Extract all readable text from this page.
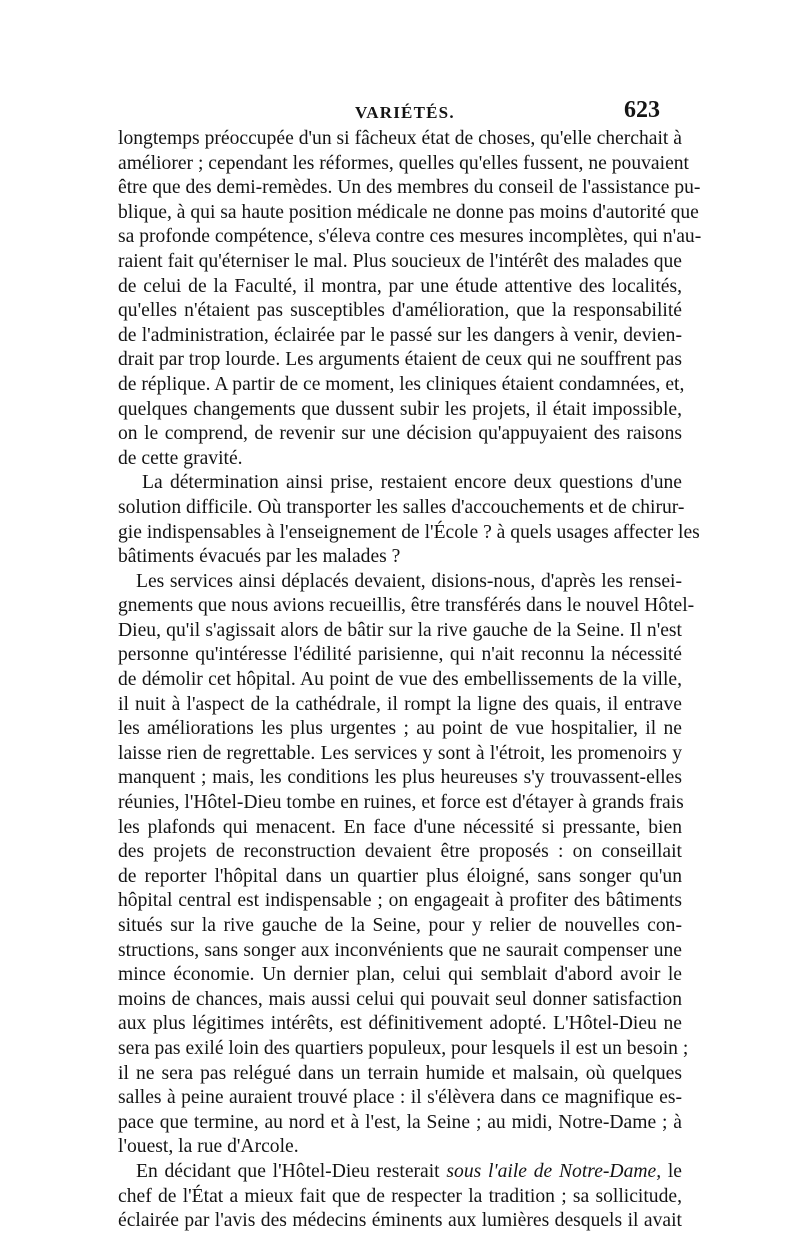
VARIÉTÉS.	623
longtemps préoccupée d'un si fâcheux état de choses, qu'elle cherchait à
améliorer ; cependant les réformes, quelles qu'elles fussent, ne pouvaient
être que des demi-remèdes. Un des membres du conseil de l'assistance pu-
blique, à qui sa haute position médicale ne donne pas moins d'autorité que
sa profonde compétence, s'éleva contre ces mesures incomplètes, qui n'au-
raient fait qu'éterniser le mal. Plus soucieux de l'intérêt des malades que
de celui de la Faculté, il montra, par une étude attentive des localités,
qu'elles n'étaient pas susceptibles d'amélioration, que la responsabilité
de l'administration, éclairée par le passé sur les dangers à venir, devien-
drait par trop lourde. Les arguments étaient de ceux qui ne souffrent pas
de réplique. A partir de ce moment, les cliniques étaient condamnées, et,
quelques changements que dussent subir les projets, il était impossible,
on le comprend, de revenir sur une décision qu'appuyaient des raisons
de cette gravité.
La détermination ainsi prise, restaient encore deux questions d'une
solution difficile. Où transporter les salles d'accouchements et de chirur-
gie indispensables à l'enseignement de l'École ? à quels usages affecter les
bâtiments évacués par les malades ?
Les services ainsi déplacés devaient, disions-nous, d'après les rensei-
gnements que nous avions recueillis, être transférés dans le nouvel Hôtel-
Dieu, qu'il s'agissait alors de bâtir sur la rive gauche de la Seine. Il n'est
personne qu'intéresse l'édilité parisienne, qui n'ait reconnu la nécessité
de démolir cet hôpital. Au point de vue des embellissements de la ville,
il nuit à l'aspect de la cathédrale, il rompt la ligne des quais, il entrave
les améliorations les plus urgentes ; au point de vue hospitalier, il ne
laisse rien de regrettable. Les services y sont à l'étroit, les promenoirs y
manquent ; mais, les conditions les plus heureuses s'y trouvassent-elles
réunies, l'Hôtel-Dieu tombe en ruines, et force est d'étayer à grands frais
les plafonds qui menacent. En face d'une nécessité si pressante, bien
des projets de reconstruction devaient être proposés : on conseillait
de reporter l'hôpital dans un quartier plus éloigné, sans songer qu'un
hôpital central est indispensable ; on engageait à profiter des bâtiments
situés sur la rive gauche de la Seine, pour y relier de nouvelles con-
structions, sans songer aux inconvénients que ne saurait compenser une
mince économie. Un dernier plan, celui qui semblait d'abord avoir le
moins de chances, mais aussi celui qui pouvait seul donner satisfaction
aux plus légitimes intérêts, est définitivement adopté. L'Hôtel-Dieu ne
sera pas exilé loin des quartiers populeux, pour lesquels il est un besoin ;
il ne sera pas relégué dans un terrain humide et malsain, où quelques
salles à peine auraient trouvé place : il s'élèvera dans ce magnifique es-
pace que termine, au nord et à l'est, la Seine ; au midi, Notre-Dame ; à
l'ouest, la rue d'Arcole.
En décidant que l'Hôtel-Dieu resterait sous l'aile de Notre-Dame, le
chef de l'État a mieux fait que de respecter la tradition ; sa sollicitude,
éclairée par l'avis des médecins éminents aux lumières desquels il avait
